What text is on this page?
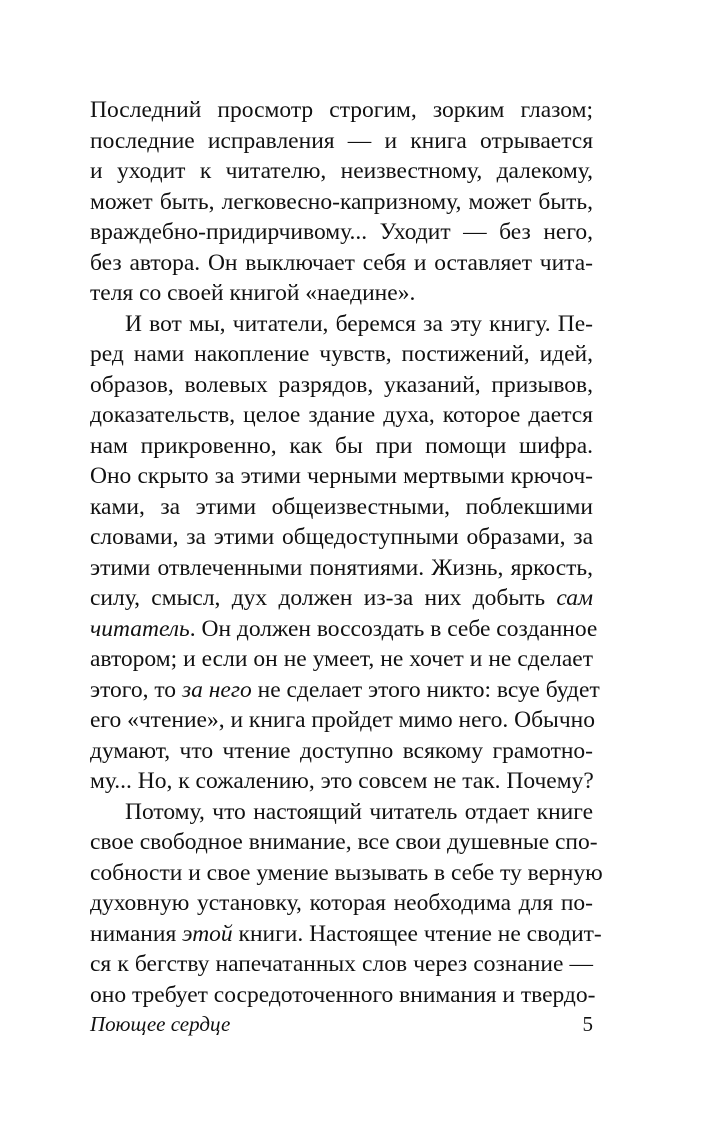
Последний просмотр строгим, зорким глазом;
последние исправления — и книга отрывается
и уходит к читателю, неизвестному, далекому,
может быть, легковесно-капризному, может быть,
враждебно-придирчивому... Уходит — без него,
без автора. Он выключает себя и оставляет чита-
теля со своей книгой «наедине».
И вот мы, читатели, беремся за эту книгу. Пе-
ред нами накопление чувств, постижений, идей,
образов, волевых разрядов, указаний, призывов,
доказательств, целое здание духа, которое дается
нам прикровенно, как бы при помощи шифра.
Оно скрыто за этими черными мертвыми крючоч-
ками, за этими общеизвестными, поблекшими
словами, за этими общедоступными образами, за
этими отвлеченными понятиями. Жизнь, яркость,
силу, смысл, дух должен из-за них добыть сам
читатель. Он должен воссоздать в себе созданное
автором; и если он не умеет, не хочет и не сделает
этого, то за него не сделает этого никто: всуе будет
его «чтение», и книга пройдет мимо него. Обычно
думают, что чтение доступно всякому грамотно-
му... Но, к сожалению, это совсем не так. Почему?
Потому, что настоящий читатель отдает книге
свое свободное внимание, все свои душевные спо-
собности и свое умение вызывать в себе ту верную
духовную установку, которая необходима для по-
нимания этой книги. Настоящее чтение не сводит-
ся к бегству напечатанных слов через сознание —
Поющее сердце	5
оно требует сосредоточенного внимания и твердо-
